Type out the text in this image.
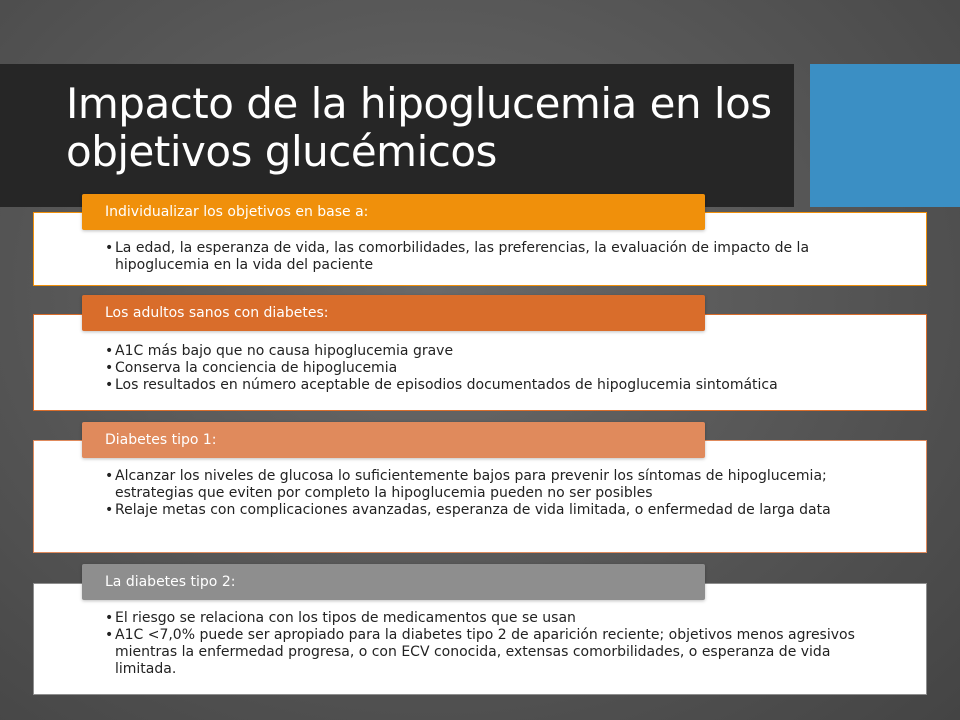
Impacto de la hipoglucemia en los objetivos glucémicos
Individualizar los objetivos en base a:
• La edad, la esperanza de vida, las comorbilidades, las preferencias, la evaluación de impacto de la hipoglucemia en la vida del paciente
Los adultos sanos con diabetes:
• A1C más bajo que no causa hipoglucemia grave
• Conserva la conciencia de hipoglucemia
• Los resultados en número aceptable de episodios documentados de hipoglucemia sintomática
Diabetes tipo 1:
• Alcanzar los niveles de glucosa lo suficientemente bajos para prevenir los síntomas de hipoglucemia; estrategias que eviten por completo la hipoglucemia pueden no ser posibles
• Relaje metas con complicaciones avanzadas, esperanza de vida limitada, o enfermedad de larga data
La diabetes tipo 2:
• El riesgo se relaciona con los tipos de medicamentos que se usan
• A1C <7,0% puede ser apropiado para la diabetes tipo 2 de aparición reciente; objetivos menos agresivos mientras la enfermedad progresa, o con ECV conocida, extensas comorbilidades, o esperanza de vida limitada.
